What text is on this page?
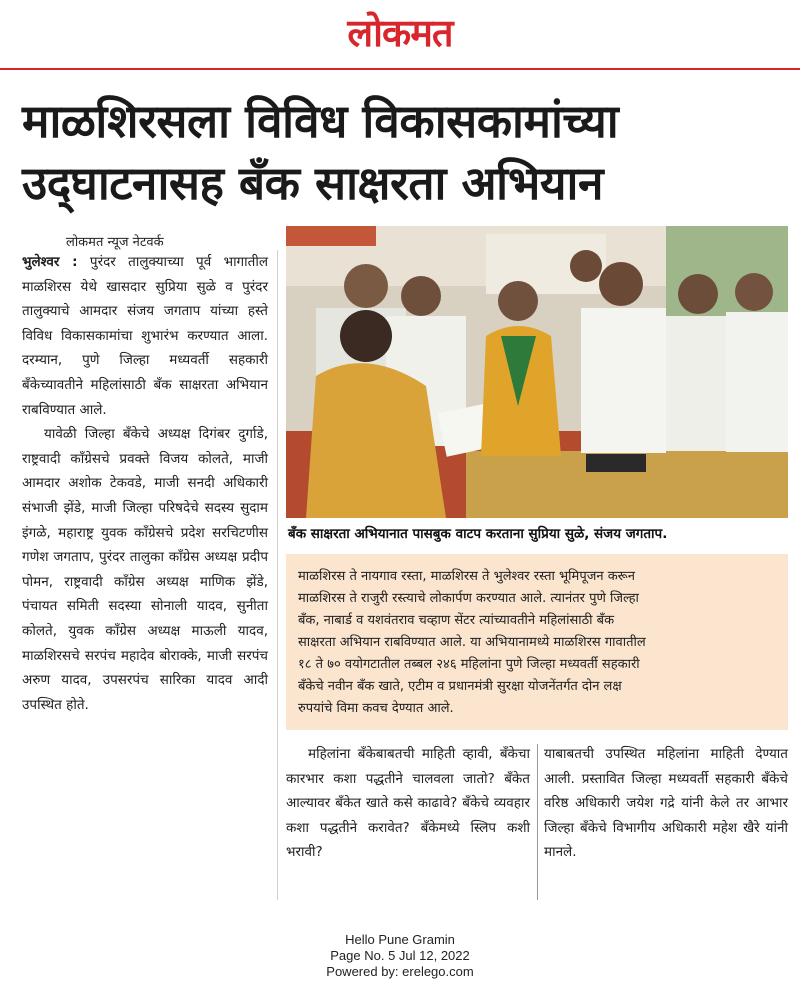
लोकमत
माळशिरसला विविध विकासकामांच्या
उद्‌घाटनासह बँक साक्षरता अभियान
लोकमत न्यूज नेटवर्क

भुलेश्वर : पुरंदर तालुक्याच्या पूर्व भागातील माळशिरस येथे खासदार सुप्रिया सुळे व पुरंदर तालुक्याचे आमदार संजय जगताप यांच्या हस्ते विविध विकासकामांचा शुभारंभ करण्यात आला. दरम्यान, पुणे जिल्हा मध्यवर्ती सहकारी बँकेच्यावतीने महिलांसाठी बँक साक्षरता अभियान राबविण्यात आले.

यावेळी जिल्हा बँकेचे अध्यक्ष दिगंबर दुर्गाडे, राष्ट्रवादी काँग्रेसचे प्रवक्ते विजय कोलते, माजी आमदार अशोक टेकवडे, माजी सनदी अधिकारी संभाजी झेंडे, माजी जिल्हा परिषदेचे सदस्य सुदाम इंगळे, महाराष्ट्र युवक काँग्रेसचे प्रदेश सरचिटणीस गणेश जगताप, पुरंदर तालुका काँग्रेस अध्यक्ष प्रदीप पोमन, राष्ट्रवादी काँग्रेस अध्यक्ष माणिक झेंडे, पंचायत समिती सदस्या सोनाली यादव, सुनीता कोलते, युवक काँग्रेस अध्यक्ष माऊली यादव, माळशिरसचे सरपंच महादेव बोराक्के, माजी सरपंच अरुण यादव, उपसरपंच सारिका यादव आदी उपस्थित होते.

बँक साक्षरता अभियानात पासबुक वाटप करताना सुप्रिया सुळे, संजय जगताप.
माळशिरस ते नायगाव रस्ता, माळशिरस ते भुलेश्वर रस्ता भूमिपूजन करून
माळशिरस ते राजुरी रस्त्याचे लोकार्पण करण्यात आले. त्यानंतर पुणे जिल्हा
बँक, नाबार्ड व यशवंतराव चव्हाण सेंटर त्यांच्यावतीने महिलांसाठी बँक
साक्षरता अभियान राबविण्यात आले. या अभियानामध्ये माळशिरस गावातील
१८ ते ७० वयोगटातील तब्बल २४६ महिलांना पुणे जिल्हा मध्यवर्ती सहकारी
बँकेचे नवीन बँक खाते, एटीम व प्रधानमंत्री सुरक्षा योजनेंतर्गत दोन लक्ष
रुपयांचे विमा कवच देण्यात आले.

महिलांना बँकेबाबतची माहिती व्हावी, बँकेचा कारभार कशा पद्धतीने चालवला जातो? बँकेत आल्यावर बँकेत खाते कसे काढावे? बँकेचे व्यवहार कशा पद्धतीने करावेत? बँकेमध्ये स्लिप कशी भरावी?

याबाबतची उपस्थित महिलांना माहिती देण्यात आली. प्रस्तावित जिल्हा मध्यवर्ती सहकारी बँकेचे वरिष्ठ अधिकारी जयेश गद्रे यांनी केले तर आभार जिल्हा बँकेचे विभागीय अधिकारी महेश खैरे यांनी मानले.

Hello Pune Gramin
Page No. 5 Jul 12, 2022
Powered by: erelego.com
